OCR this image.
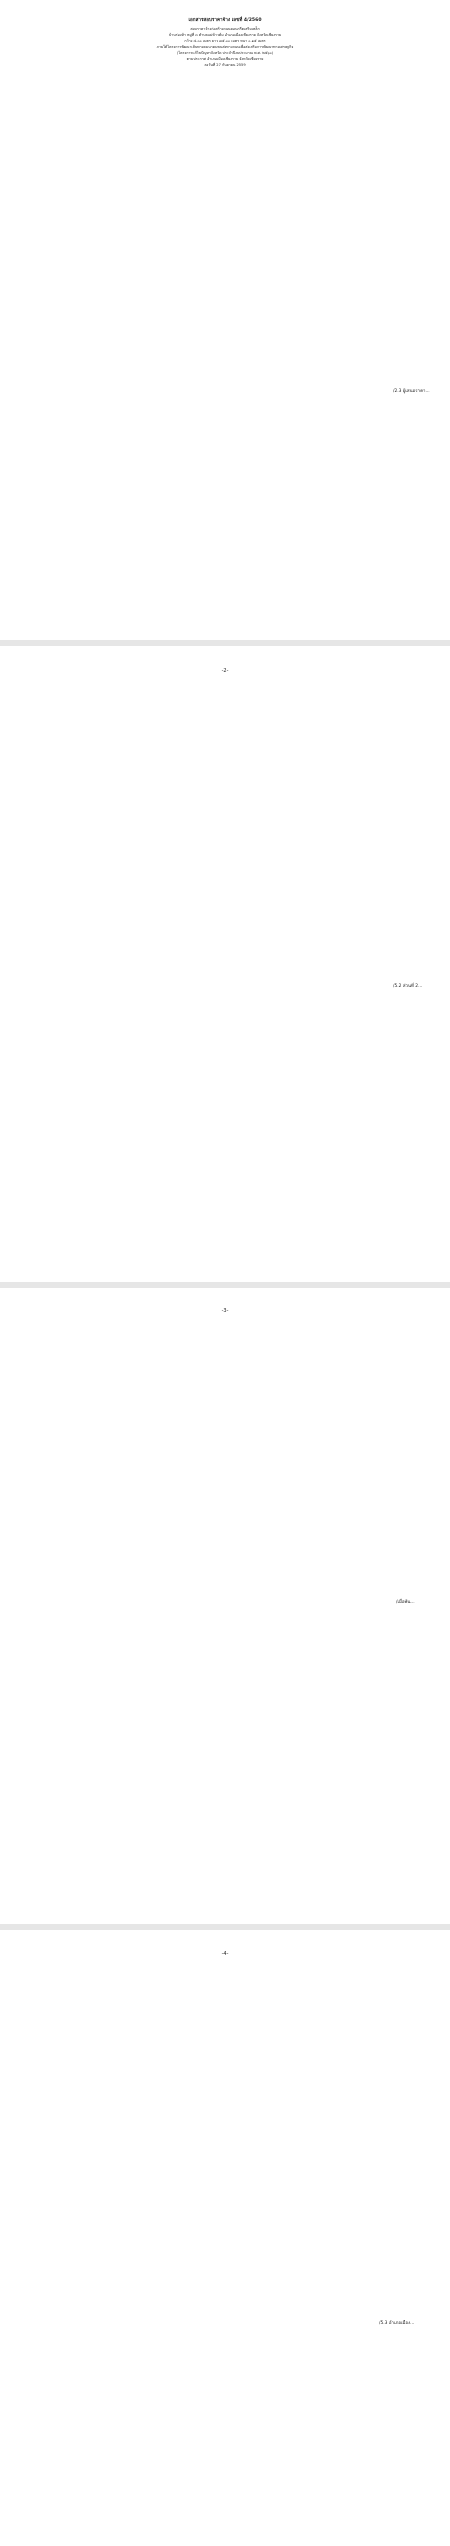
เอกสารสอบราคาจ้าง เลขที่ 4/2560
สอบราคาจ้างก่อสร้างถนนคอนกรีตเสริมเหล็ก
บ้านร่องห้า หมู่ที่ ๓ ตำบลแม่ข้าวต้ม อำเภอเมืองเชียงราย จังหวัดเชียงราย
กว้าง ๔.๐๐ เมตร ยาว ๗๕.๐๐ เมตร หนา ๐.๑๕ เมตร
ภายใต้โครงการพัฒนาเส้นทางคมนาคมขนส่งทางถนนเพื่อส่งเสริมการพัฒนาทางเศรษฐกิจ
(โครงการแก้ไขปัญหาจังหวัด ประจำปีงบประมาณ พ.ศ. ๒๕๖๐)
ตามประกาศ อำเภอเมืองเชียงราย จังหวัดเชียงราย
ลงวันที่ 27 กันยายน 2559
/2.3 ผู้เสนอราคา...
-2-
/5.2 ส่วนที่ 2...
-3-
/เมื่อพ้น...
-4-
/5.3 อำเภอเมือง...
